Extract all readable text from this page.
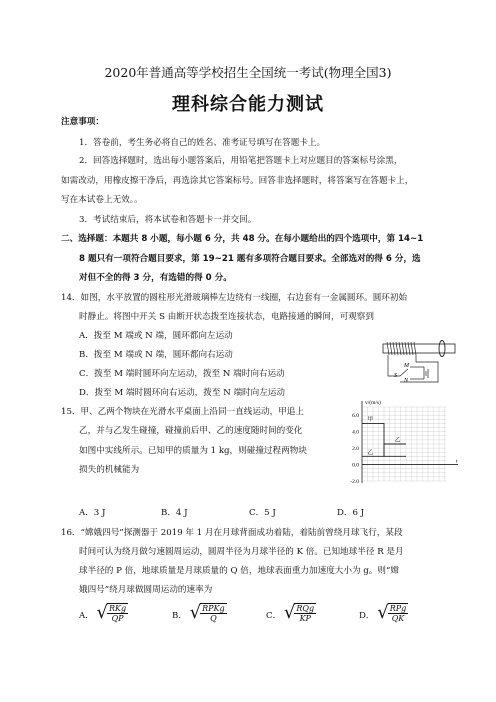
2020年普通高等学校招生全国统一考试(物理全国3)
理科综合能力测试
注意事项：
1．答卷前，考生务必将自己的姓名、准考证号填写在答题卡上。
2．回答选择题时，选出每小题答案后，用铅笔把答题卡上对应题目的答案标号涂黑，
如需改动，用橡皮擦干净后，再选涂其它答案标号。回答非选择题时，将答案写在答题卡上，
写在本试卷上无效。。
3．考试结束后，将本试卷和答题卡一并交回。
二、选择题：本题共 8 小题，每小题 6 分，共 48 分。在每小题给出的四个选项中，第 14~1
8 题只有一项符合题目要求，第 19~21 题有多项符合题目要求。全部选对的得 6 分，选
对但不全的得 3 分，有选错的得 0 分。
14．如图，水平放置的圆柱形光滑玻璃棒左边绕有一线圈，右边套有一金属圆环。圆环初始
时静止。将图中开关 S 由断开状态拨至连接状态，电路接通的瞬间，可观察到
A．拨至 M 端或 N 端，圆环都向左运动
B．拨至 M 端或 N 端，圆环都向右运动
C．拨至 M 端时圆环向左运动，拨至 N 端时向右运动
D．拨至 M 端时圆环向右运动，拨至 N 端时向左运动
M
S
N
15．甲、乙两个物块在光滑水平桌面上沿同一直线运动，甲追上
乙，并与乙发生碰撞，碰撞前后甲、乙的速度随时间的变化
如图中实线所示。已知甲的质量为 1 kg，则碰撞过程两物块
损失的机械能为
6.0
4.0
2.0
0.0
-2.0
v/(m/s)
t
甲
乙
乙
A．3 J	B．4 J	C．5 J	D．6 J
16．“嫦娥四号”探测器于 2019 年 1 月在月球背面成功着陆，着陆前曾绕月球飞行，某段
时间可认为绕月做匀速圆周运动，圆周半径为月球半径的 K 倍。已知地球半径 R 是月
球半径的 P 倍，地球质量是月球质量的 Q 倍，地球表面重力加速度大小为 g。则“嫦
娥四号”绕月球做圆周运动的速率为
A． √ $\frac{\text{RKg}}{QP}$	B． √ $\frac{\text{RPKg}}{Q}$	C． √ $\frac{\text{RQg}}{KP}$	D． √ $\frac{\text{RPg}}{QK}$
